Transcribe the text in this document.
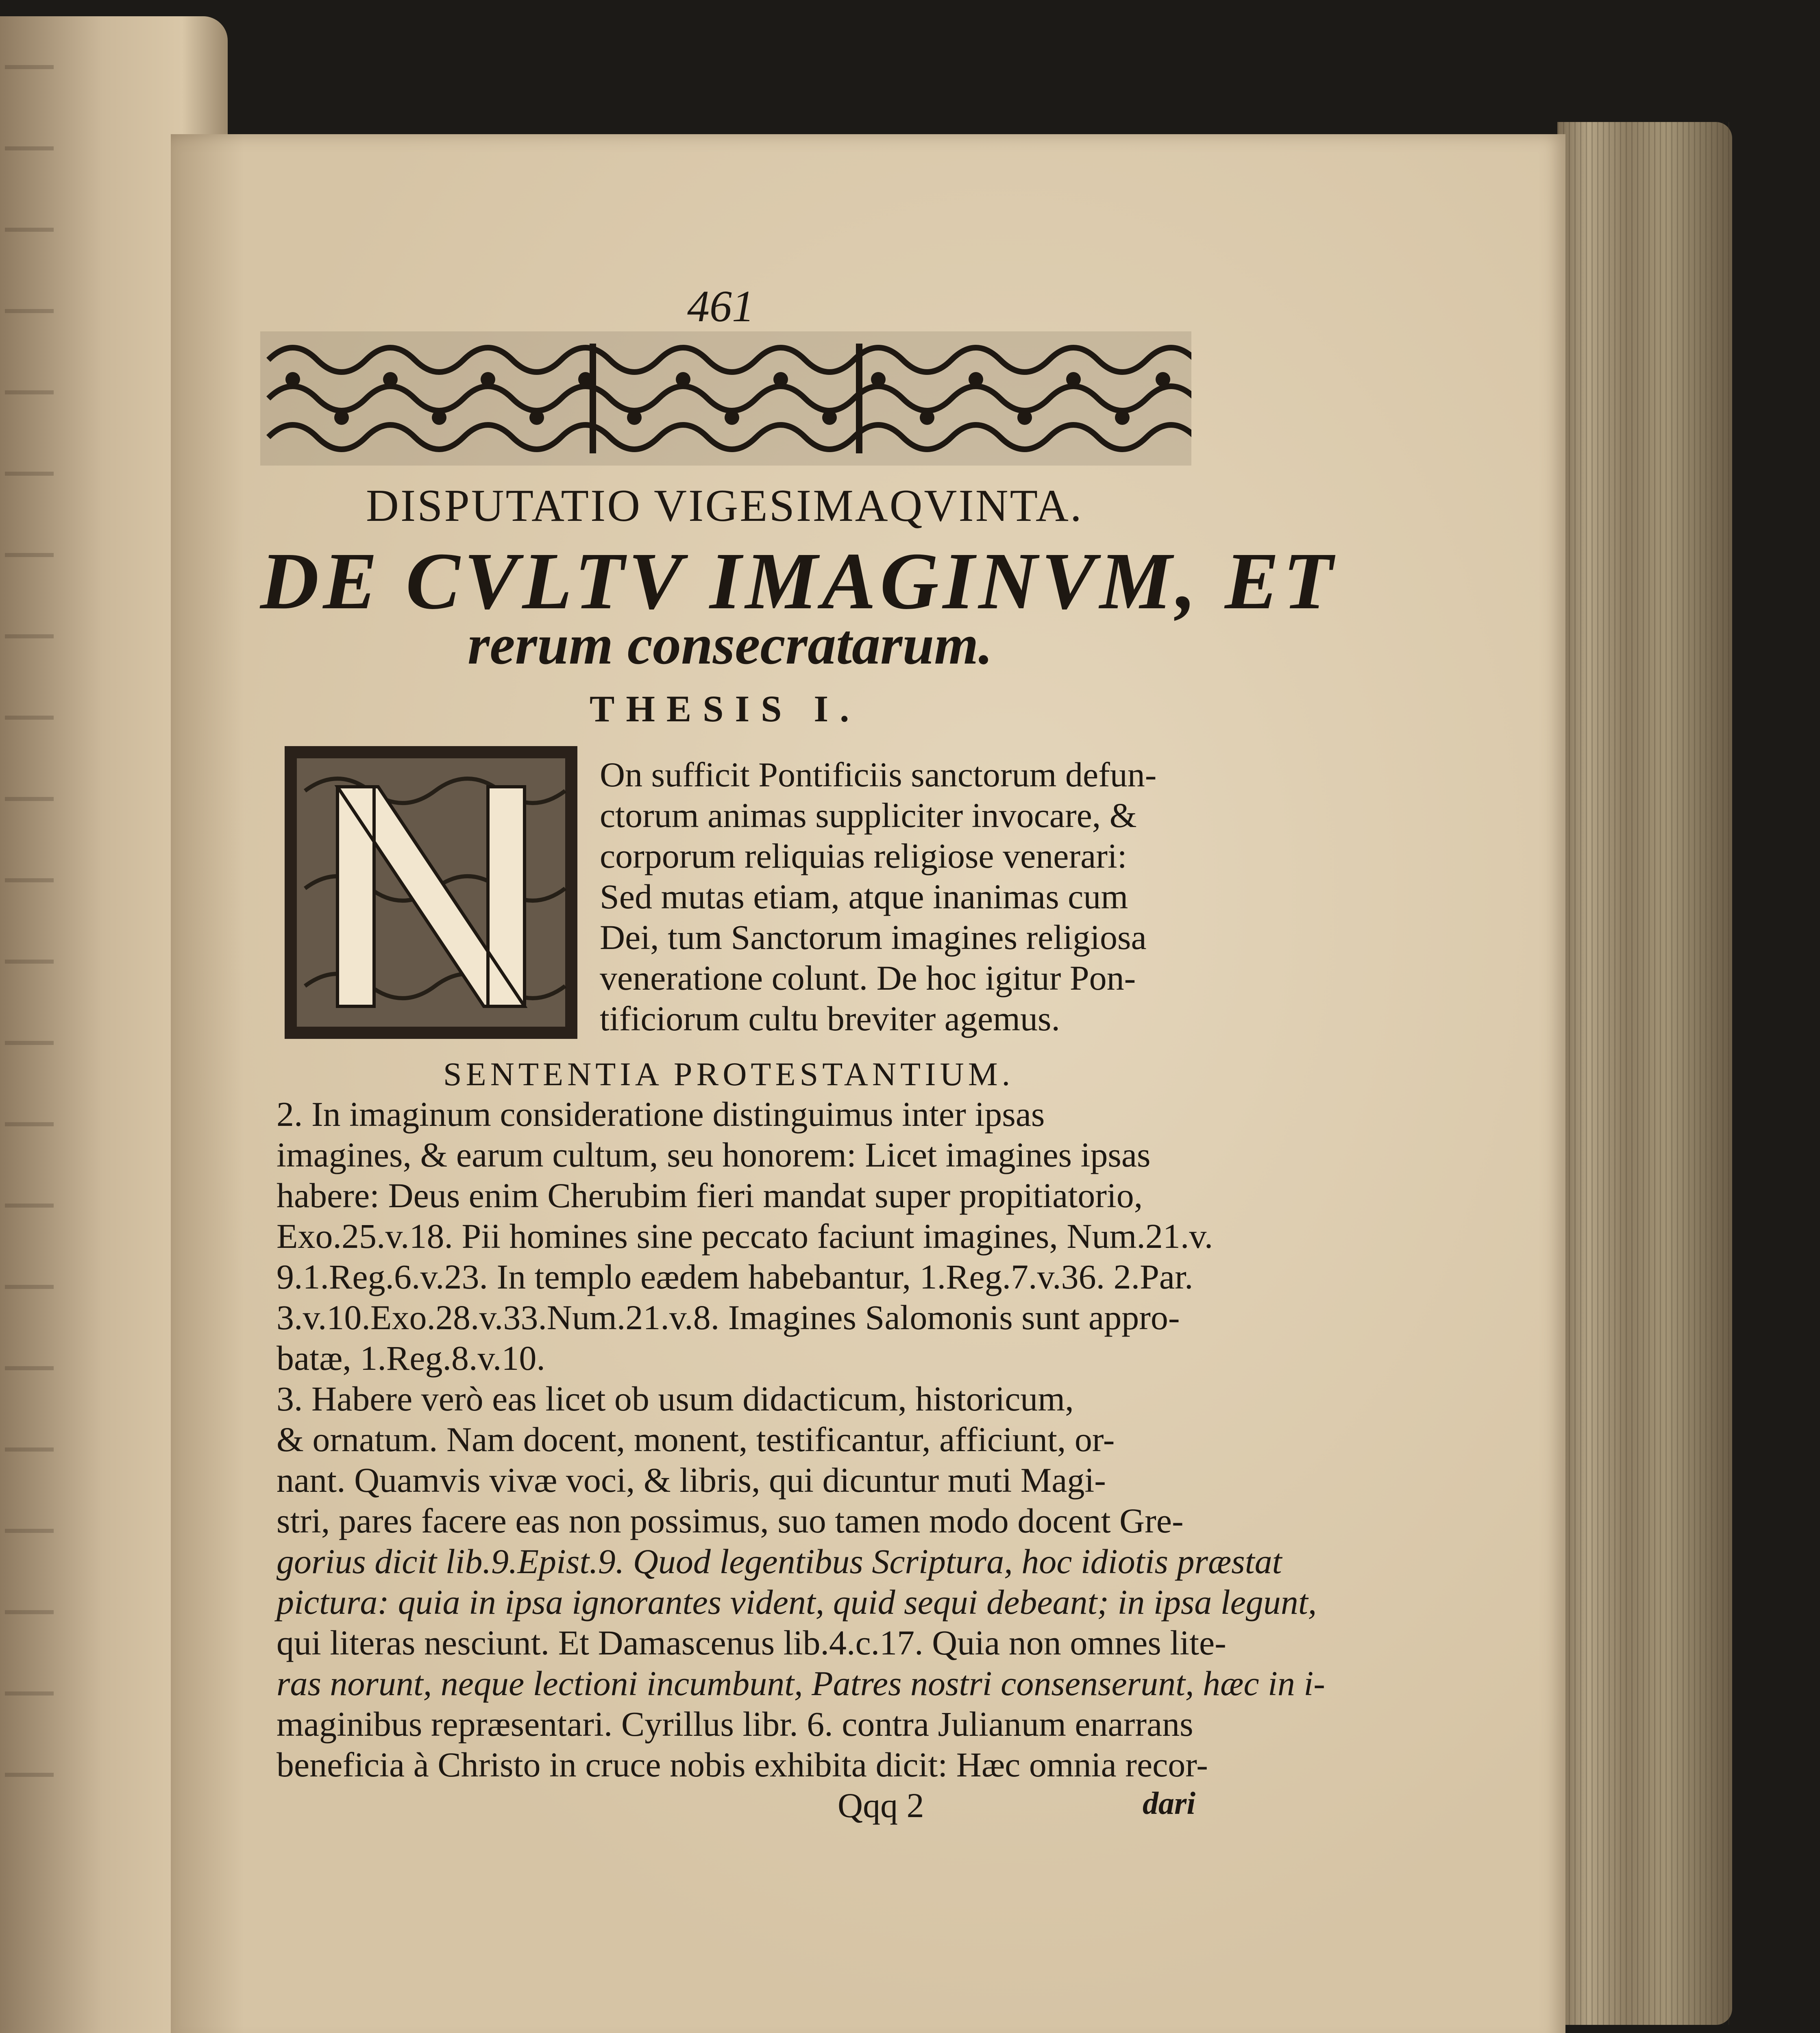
461

DISPUTATIO VIGESIMAQVINTA.

DE CVLTV IMAGINVM, ET

rerum consecratarum.

THESIS I.

On sufficit Pontificiis sanctorum defun-

ctorum animas suppliciter invocare, &

corporum reliquias religiose venerari:

Sed mutas etiam, atque inanimas cum

Dei, tum Sanctorum imagines religiosa

veneratione colunt. De hoc igitur Pon-

tificiorum cultu breviter agemus.

SENTENTIA PROTESTANTIUM.

2. In imaginum consideratione distinguimus inter ipsas

imagines, & earum cultum, seu honorem: Licet imagines ipsas

habere: Deus enim Cherubim fieri mandat super propitiatorio,

Exo.25.v.18. Pii homines sine peccato faciunt imagines, Num.21.v.

9.1.Reg.6.v.23. In templo eædem habebantur, 1.Reg.7.v.36. 2.Par.

3.v.10.Exo.28.v.33.Num.21.v.8. Imagines Salomonis sunt appro-

batæ, 1.Reg.8.v.10.

3. Habere verò eas licet ob usum didacticum, historicum,

& ornatum. Nam docent, monent, testificantur, afficiunt, or-

nant. Quamvis vivæ voci, & libris, qui dicuntur muti Magi-

stri, pares facere eas non possimus, suo tamen modo docent Gre-

gorius dicit lib.9.Epist.9. Quod legentibus Scriptura, hoc idiotis præstat

pictura: quia in ipsa ignorantes vident, quid sequi debeant; in ipsa legunt,

qui literas nesciunt. Et Damascenus lib.4.c.17. Quia non omnes lite-

ras norunt, neque lectioni incumbunt, Patres nostri consenserunt, hæc in i-

maginibus repræsentari. Cyrillus libr. 6. contra Julianum enarrans

beneficia à Christo in cruce nobis exhibita dicit: Hæc omnia recor-

Qqq 2	dari
